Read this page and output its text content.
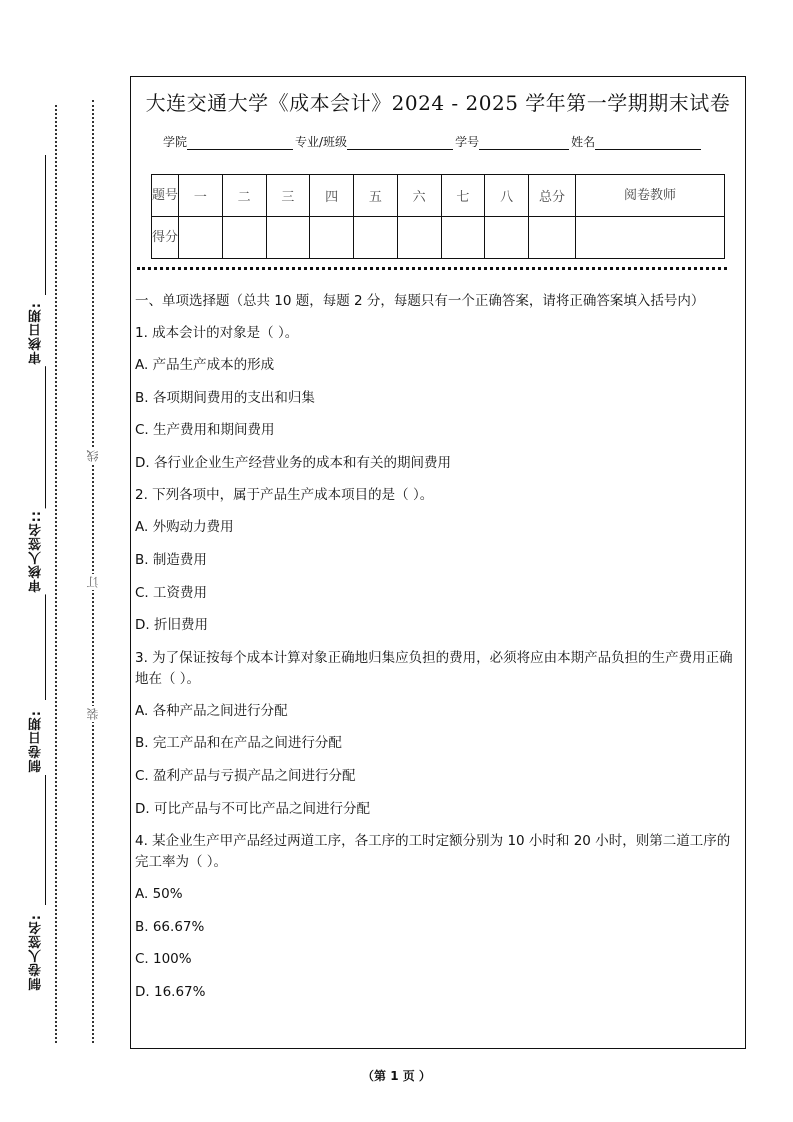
审核日期:
审核人签名::
制卷日期:
制卷人签名:
线
订
装
大连交通大学《成本会计》2024 - 2025 学年第一学期期末试卷
学院	专业/班级	学号	姓名
题号	一	二	三	四	五	六	七	八	总分	阅卷教师
得分										

一、单项选择题（总共 10 题，每题 2 分，每题只有一个正确答案，请将正确答案填入括号内）

1. 成本会计的对象是（ ）。

A. 产品生产成本的形成

B. 各项期间费用的支出和归集

C. 生产费用和期间费用

D. 各行业企业生产经营业务的成本和有关的期间费用

2. 下列各项中，属于产品生产成本项目的是（ ）。

A. 外购动力费用

B. 制造费用

C. 工资费用

D. 折旧费用

3. 为了保证按每个成本计算对象正确地归集应负担的费用，必须将应由本期产品负担的生产费用正确地在（ ）。

A. 各种产品之间进行分配

B. 完工产品和在产品之间进行分配

C. 盈利产品与亏损产品之间进行分配

D. 可比产品与不可比产品之间进行分配

4. 某企业生产甲产品经过两道工序，各工序的工时定额分别为 10 小时和 20 小时，则第二道工序的完工率为（ ）。

A. 50%

B. 66.67%

C. 100%

D. 16.67%

（第 1 页 ）
